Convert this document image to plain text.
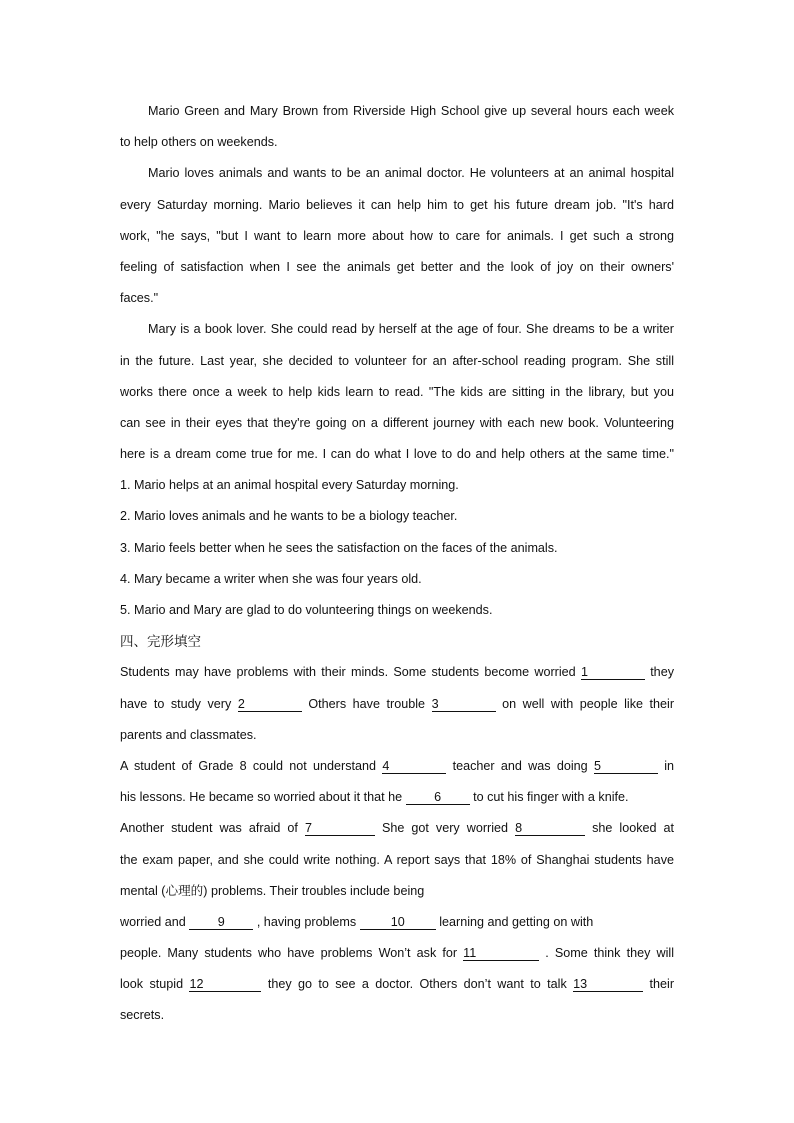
Mario Green and Mary Brown from Riverside High School give up several hours each week
to help others on weekends.
Mario loves animals and wants to be an animal doctor. He volunteers at an animal hospital
every Saturday morning. Mario believes it can help him to get his future dream job. "It's hard
work, "he says, "but I want to learn more about how to care for animals. I get such a strong
feeling of satisfaction when I see the animals get better and the look of joy on their owners'
faces."
Mary is a book lover. She could read by herself at the age of four. She dreams to be a writer
in the future. Last year, she decided to volunteer for an after-school reading program. She still
works there once a week to help kids learn to read. "The kids are sitting in the library, but you
can see in their eyes that they're going on a different journey with each new book. Volunteering
here is a dream come true for me. I can do what I love to do and help others at the same time."
1. Mario helps at an animal hospital every Saturday morning.
2. Mario loves animals and he wants to be a biology teacher.
3. Mario feels better when he sees the satisfaction on the faces of the animals.
4. Mary became a writer when she was four years old.
5. Mario and Mary are glad to do volunteering things on weekends.
四、完形填空
Students may have problems with their minds. Some students become worried 1	they
have to study very 2	Others have trouble 3	on well with people like their
parents and classmates.
A student of Grade 8 could not understand 4	teacher and was doing 5	in
his lessons. He became so worried about it that he	6	to cut his finger with a knife.
Another student was afraid of 7	She got very worried 8	she looked at
the exam paper, and she could write nothing. A report says that 18% of Shanghai students have
mental (心理的) problems. Their troubles include being
worried and	9	, having problems	10	learning and getting on with
people. Many students who have problems Won’t ask for 11	. Some think they will
look stupid 12	they go to see a doctor. Others don’t want to talk 13	their
secrets.
